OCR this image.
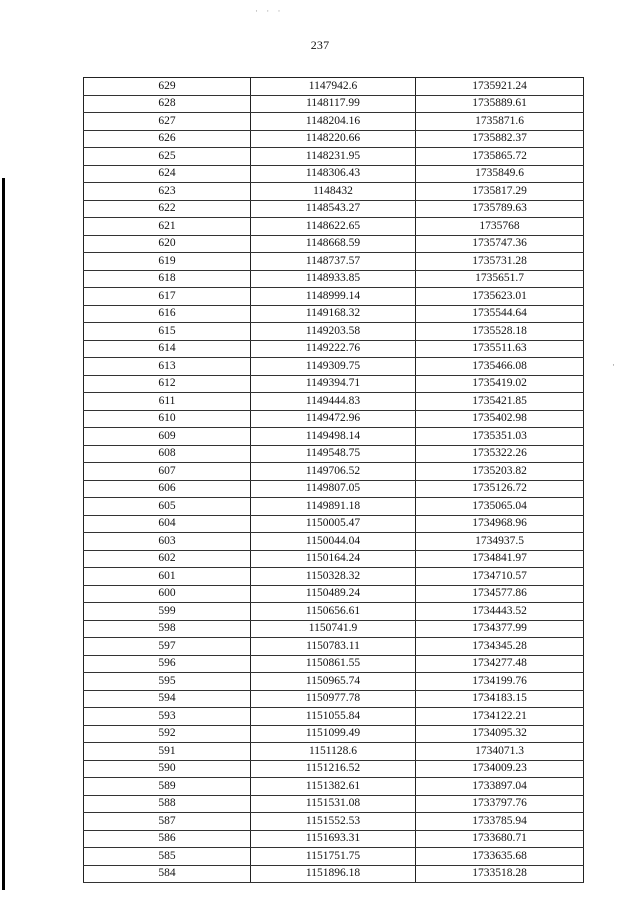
· · ·
237
·
629	1147942.6	1735921.24
628	1148117.99	1735889.61
627	1148204.16	1735871.6
626	1148220.66	1735882.37
625	1148231.95	1735865.72
624	1148306.43	1735849.6
623	1148432	1735817.29
622	1148543.27	1735789.63
621	1148622.65	1735768
620	1148668.59	1735747.36
619	1148737.57	1735731.28
618	1148933.85	1735651.7
617	1148999.14	1735623.01
616	1149168.32	1735544.64
615	1149203.58	1735528.18
614	1149222.76	1735511.63
613	1149309.75	1735466.08
612	1149394.71	1735419.02
611	1149444.83	1735421.85
610	1149472.96	1735402.98
609	1149498.14	1735351.03
608	1149548.75	1735322.26
607	1149706.52	1735203.82
606	1149807.05	1735126.72
605	1149891.18	1735065.04
604	1150005.47	1734968.96
603	1150044.04	1734937.5
602	1150164.24	1734841.97
601	1150328.32	1734710.57
600	1150489.24	1734577.86
599	1150656.61	1734443.52
598	1150741.9	1734377.99
597	1150783.11	1734345.28
596	1150861.55	1734277.48
595	1150965.74	1734199.76
594	1150977.78	1734183.15
593	1151055.84	1734122.21
592	1151099.49	1734095.32
591	1151128.6	1734071.3
590	1151216.52	1734009.23
589	1151382.61	1733897.04
588	1151531.08	1733797.76
587	1151552.53	1733785.94
586	1151693.31	1733680.71
585	1151751.75	1733635.68
584	1151896.18	1733518.28
